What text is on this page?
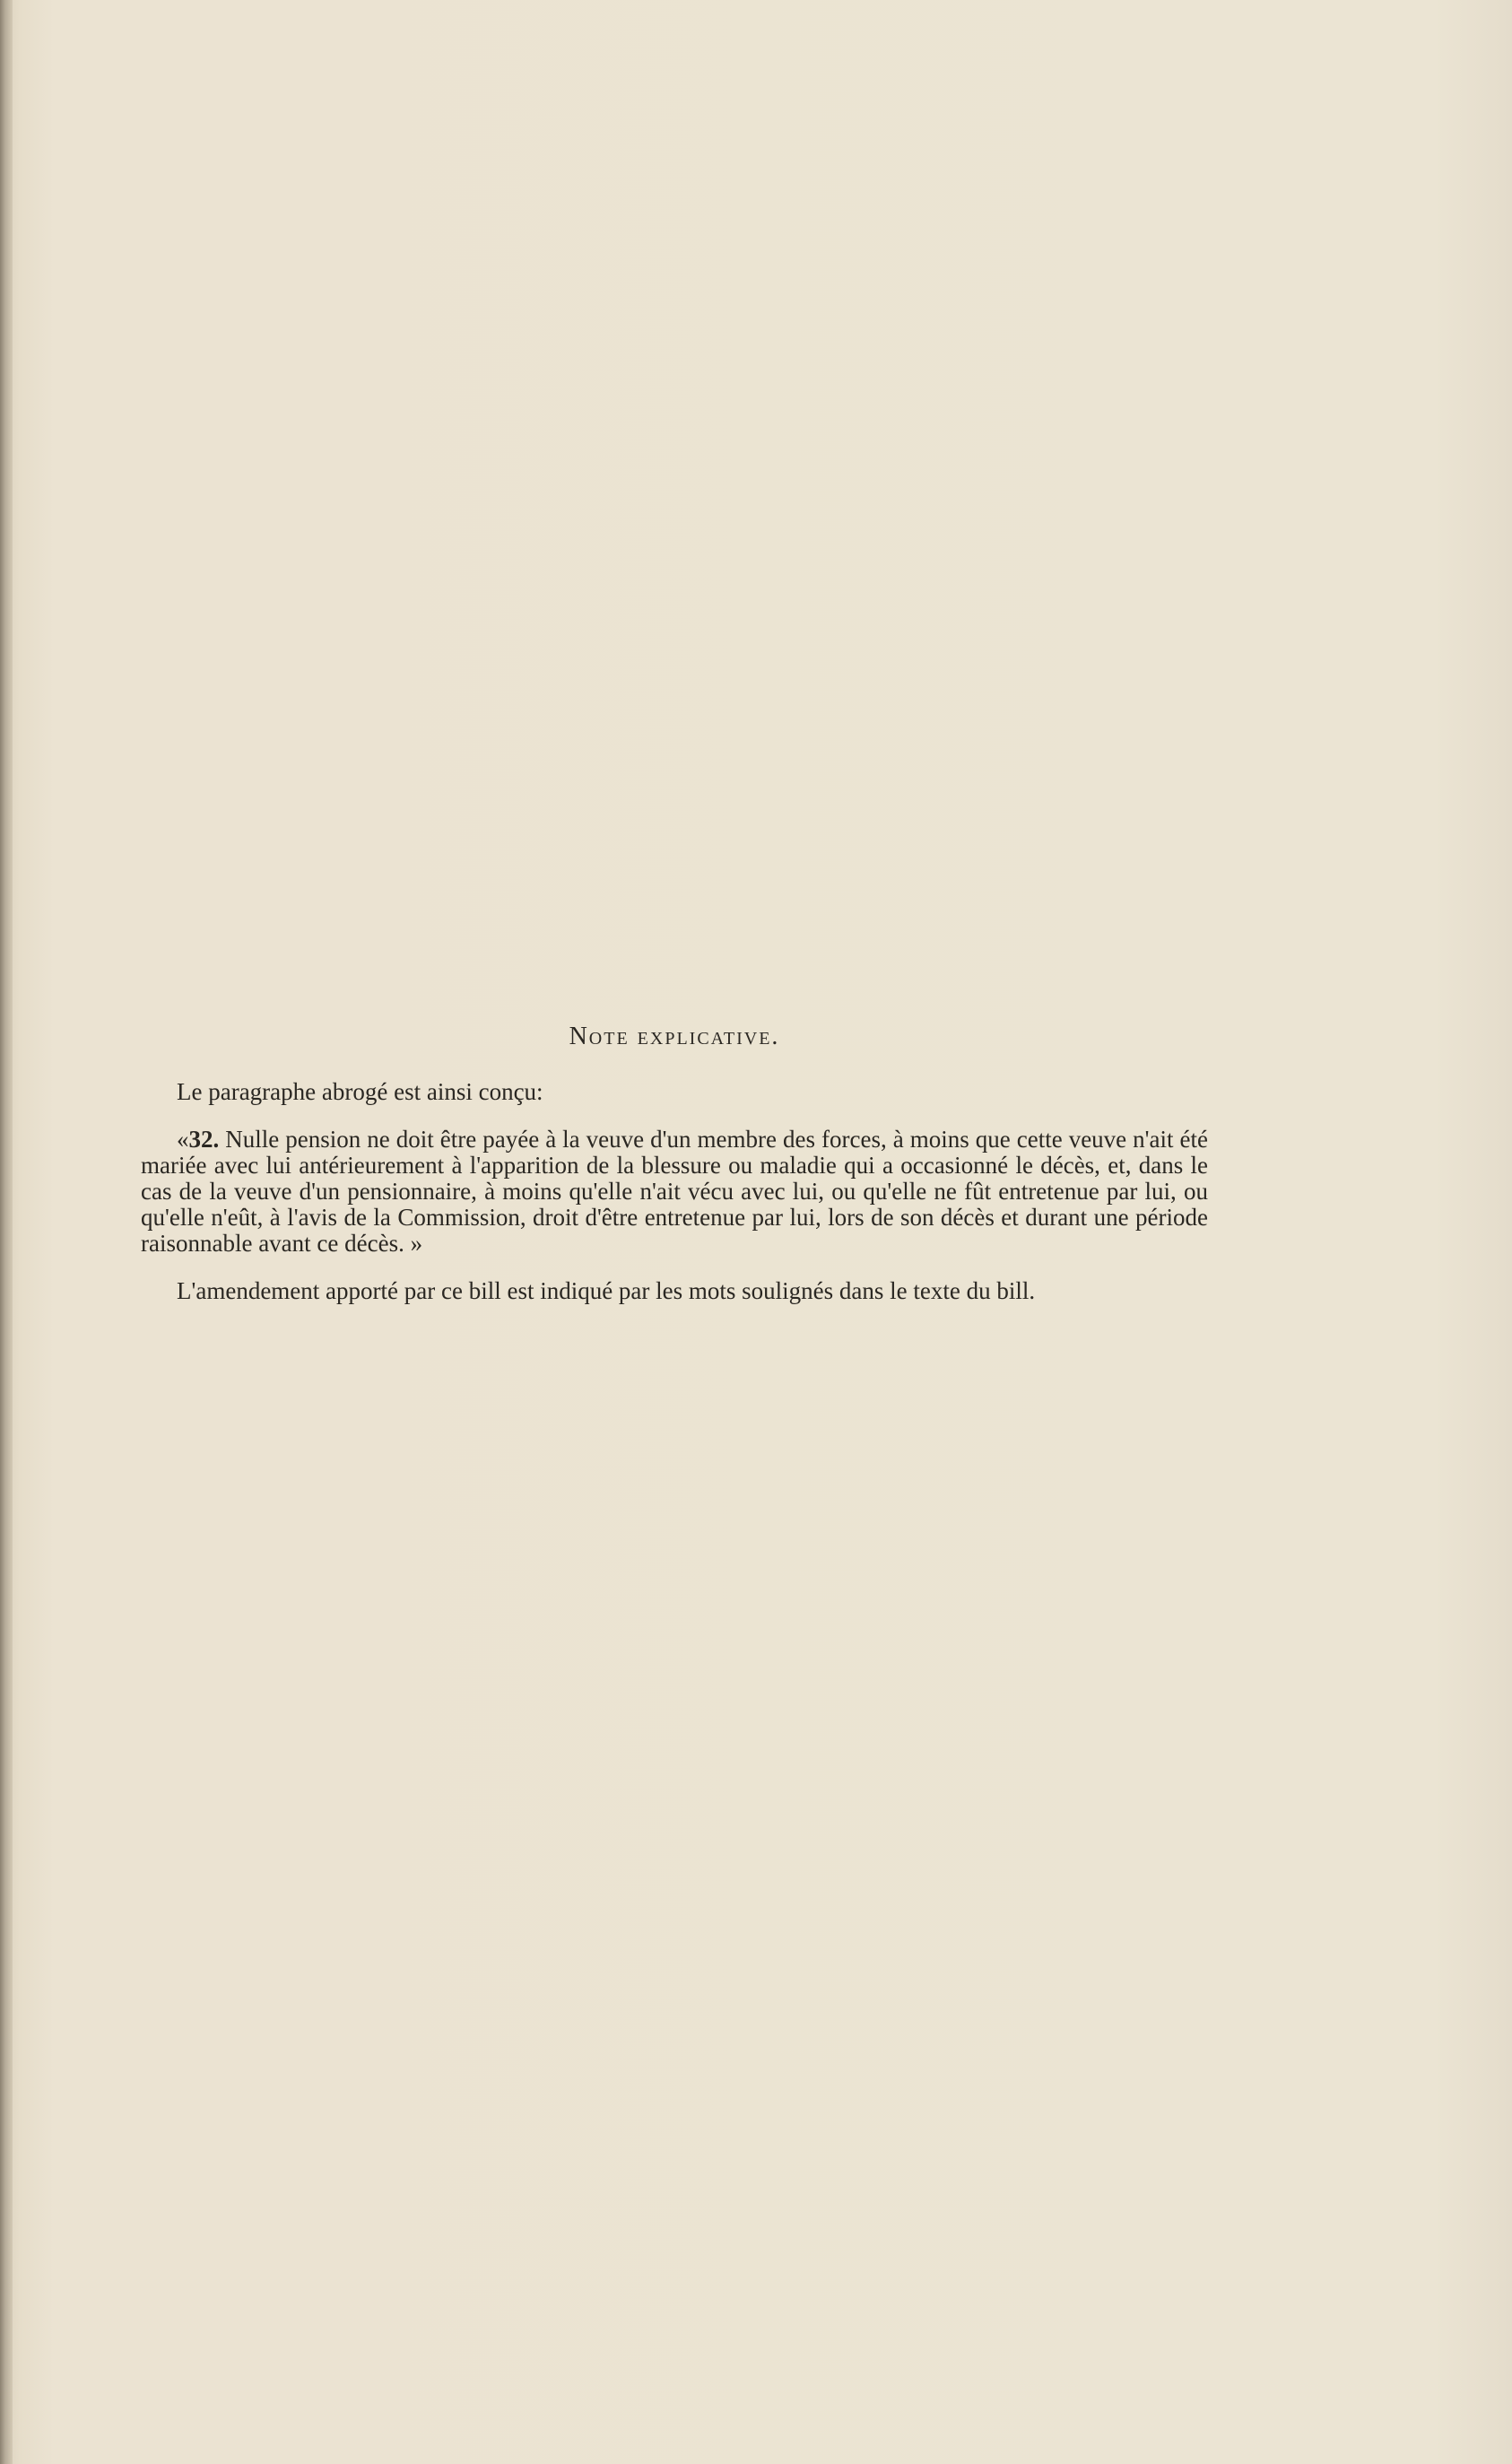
Note explicative.

Le paragraphe abrogé est ainsi conçu:

«32. Nulle pension ne doit être payée à la veuve d'un membre des forces, à moins que cette veuve n'ait été mariée avec lui antérieurement à l'apparition de la blessure ou maladie qui a occasionné le décès, et, dans le cas de la veuve d'un pensionnaire, à moins qu'elle n'ait vécu avec lui, ou qu'elle ne fût entretenue par lui, ou qu'elle n'eût, à l'avis de la Commission, droit d'être entretenue par lui, lors de son décès et durant une période raisonnable avant ce décès. »

L'amendement apporté par ce bill est indiqué par les mots soulignés dans le texte du bill.
